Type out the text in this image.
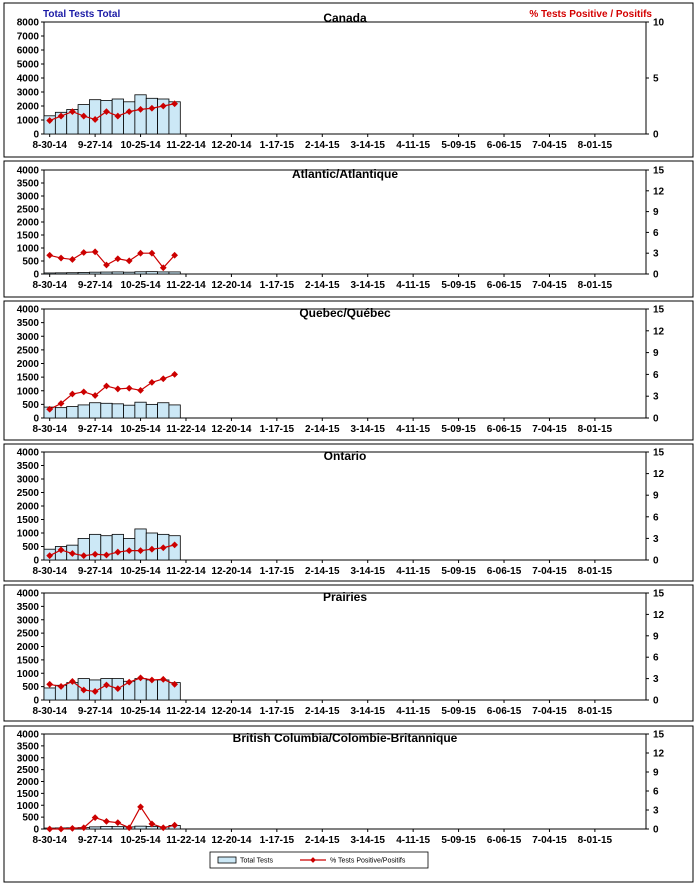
Canada
0
1000
2000
3000
4000
5000
6000
7000
8000
0
5
10
8-30-14 9-27-14 10-25-14 11-22-14 12-20-14 1-17-15 2-14-15 3-14-15 4-11-15 5-09-15 6-06-15 7-04-15 8-01-15
Atlantic/Atlantique
0
500
1000
1500
2000
2500
3000
3500
4000
0
3
6
9
12
15
8-30-14 9-27-14 10-25-14 11-22-14 12-20-14 1-17-15 2-14-15 3-14-15 4-11-15 5-09-15 6-06-15 7-04-15 8-01-15
Quebec/Québec
0
500
1000
1500
2000
2500
3000
3500
4000
0
3
6
9
12
15
8-30-14 9-27-14 10-25-14 11-22-14 12-20-14 1-17-15 2-14-15 3-14-15 4-11-15 5-09-15 6-06-15 7-04-15 8-01-15
Ontario
0
500
1000
1500
2000
2500
3000
3500
4000
0
3
6
9
12
15
8-30-14 9-27-14 10-25-14 11-22-14 12-20-14 1-17-15 2-14-15 3-14-15 4-11-15 5-09-15 6-06-15 7-04-15 8-01-15
Prairies
0
500
1000
1500
2000
2500
3000
3500
4000
0
3
6
9
12
15
8-30-14 9-27-14 10-25-14 11-22-14 12-20-14 1-17-15 2-14-15 3-14-15 4-11-15 5-09-15 6-06-15 7-04-15 8-01-15
British Columbia/Colombie-Britannique
0
500
1000
1500
2000
2500
3000
3500
4000
0
3
6
9
12
15
8-30-14 9-27-14 10-25-14 11-22-14 12-20-14 1-17-15 2-14-15 3-14-15 4-11-15 5-09-15 6-06-15 7-04-15 8-01-15
Total Tests Total	% Tests Positive / Positifs
Total Tests	% Tests Positive/Positifs
